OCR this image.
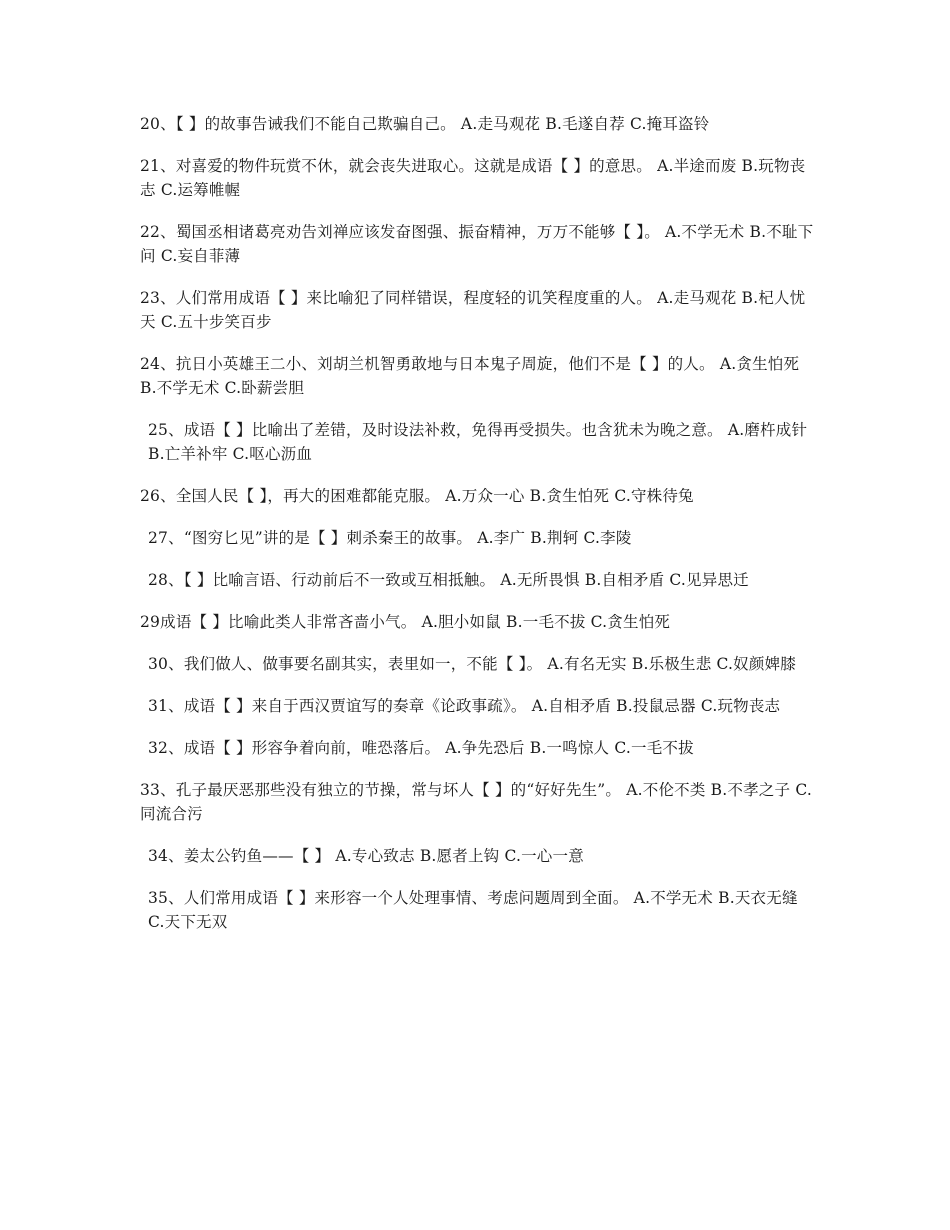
20、【 】的故事告诫我们不能自己欺骗自己。 A.走马观花 B.毛遂自荐 C.掩耳盗铃

21、对喜爱的物件玩赏不休，就会丧失进取心。这就是成语【 】的意思。 A.半途而废 B.玩物丧志 C.运筹帷幄

22、蜀国丞相诸葛亮劝告刘禅应该发奋图强、振奋精神，万万不能够【 】。 A.不学无术 B.不耻下问 C.妄自菲薄

23、人们常用成语【 】来比喻犯了同样错误，程度轻的讥笑程度重的人。 A.走马观花 B.杞人忧天 C.五十步笑百步

24、抗日小英雄王二小、刘胡兰机智勇敢地与日本鬼子周旋，他们不是【 】的人。 A.贪生怕死 B.不学无术 C.卧薪尝胆

25、成语【 】比喻出了差错，及时设法补救，免得再受损失。也含犹未为晚之意。 A.磨杵成针 B.亡羊补牢 C.呕心沥血

26、全国人民【 】，再大的困难都能克服。 A.万众一心 B.贪生怕死 C.守株待兔

27、“图穷匕见”讲的是【 】刺杀秦王的故事。 A.李广 B.荆轲 C.李陵

28、【 】比喻言语、行动前后不一致或互相抵触。 A.无所畏惧 B.自相矛盾 C.见异思迁

29成语【 】比喻此类人非常吝啬小气。 A.胆小如鼠 B.一毛不拔 C.贪生怕死

30、我们做人、做事要名副其实，表里如一，不能【 】。 A.有名无实 B.乐极生悲 C.奴颜婢膝

31、成语【 】来自于西汉贾谊写的奏章《论政事疏》。 A.自相矛盾 B.投鼠忌器 C.玩物丧志

32、成语【 】形容争着向前，唯恐落后。 A.争先恐后 B.一鸣惊人 C.一毛不拔

33、孔子最厌恶那些没有独立的节操，常与坏人【 】的“好好先生”。 A.不伦不类 B.不孝之子 C.同流合污

34、姜太公钓鱼——【 】 A.专心致志 B.愿者上钩 C.一心一意

35、人们常用成语【 】来形容一个人处理事情、考虑问题周到全面。 A.不学无术 B.天衣无缝 C.天下无双
